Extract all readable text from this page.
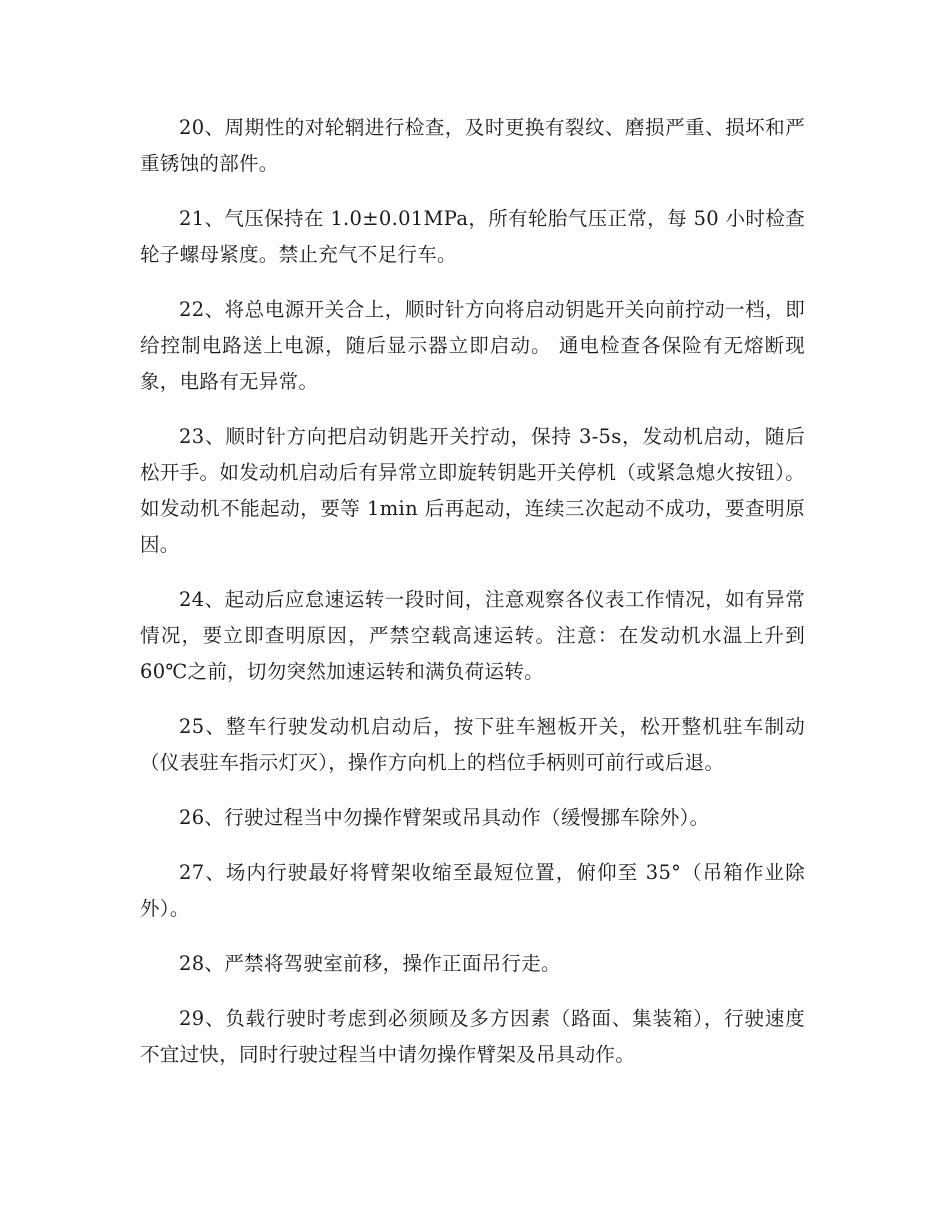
20、周期性的对轮辋进行检查，及时更换有裂纹、磨损严重、损坏和严重锈蚀的部件。

21、气压保持在 1.0±0.01MPa，所有轮胎气压正常，每 50 小时检查轮子螺母紧度。禁止充气不足行车。

22、将总电源开关合上，顺时针方向将启动钥匙开关向前拧动一档，即给控制电路送上电源，随后显示器立即启动。 通电检查各保险有无熔断现象，电路有无异常。

23、顺时针方向把启动钥匙开关拧动，保持 3-5s，发动机启动，随后松开手。如发动机启动后有异常立即旋转钥匙开关停机（或紧急熄火按钮）。如发动机不能起动，要等 1min 后再起动，连续三次起动不成功，要查明原因。

24、起动后应怠速运转一段时间，注意观察各仪表工作情况，如有异常情况，要立即查明原因，严禁空载高速运转。注意：在发动机水温上升到 60℃之前，切勿突然加速运转和满负荷运转。

25、整车行驶发动机启动后，按下驻车翘板开关，松开整机驻车制动（仪表驻车指示灯灭），操作方向机上的档位手柄则可前行或后退。

26、行驶过程当中勿操作臂架或吊具动作（缓慢挪车除外）。

27、场内行驶最好将臂架收缩至最短位置，俯仰至 35°（吊箱作业除外）。

28、严禁将驾驶室前移，操作正面吊行走。

29、负载行驶时考虑到必须顾及多方因素（路面、集装箱），行驶速度不宜过快，同时行驶过程当中请勿操作臂架及吊具动作。
